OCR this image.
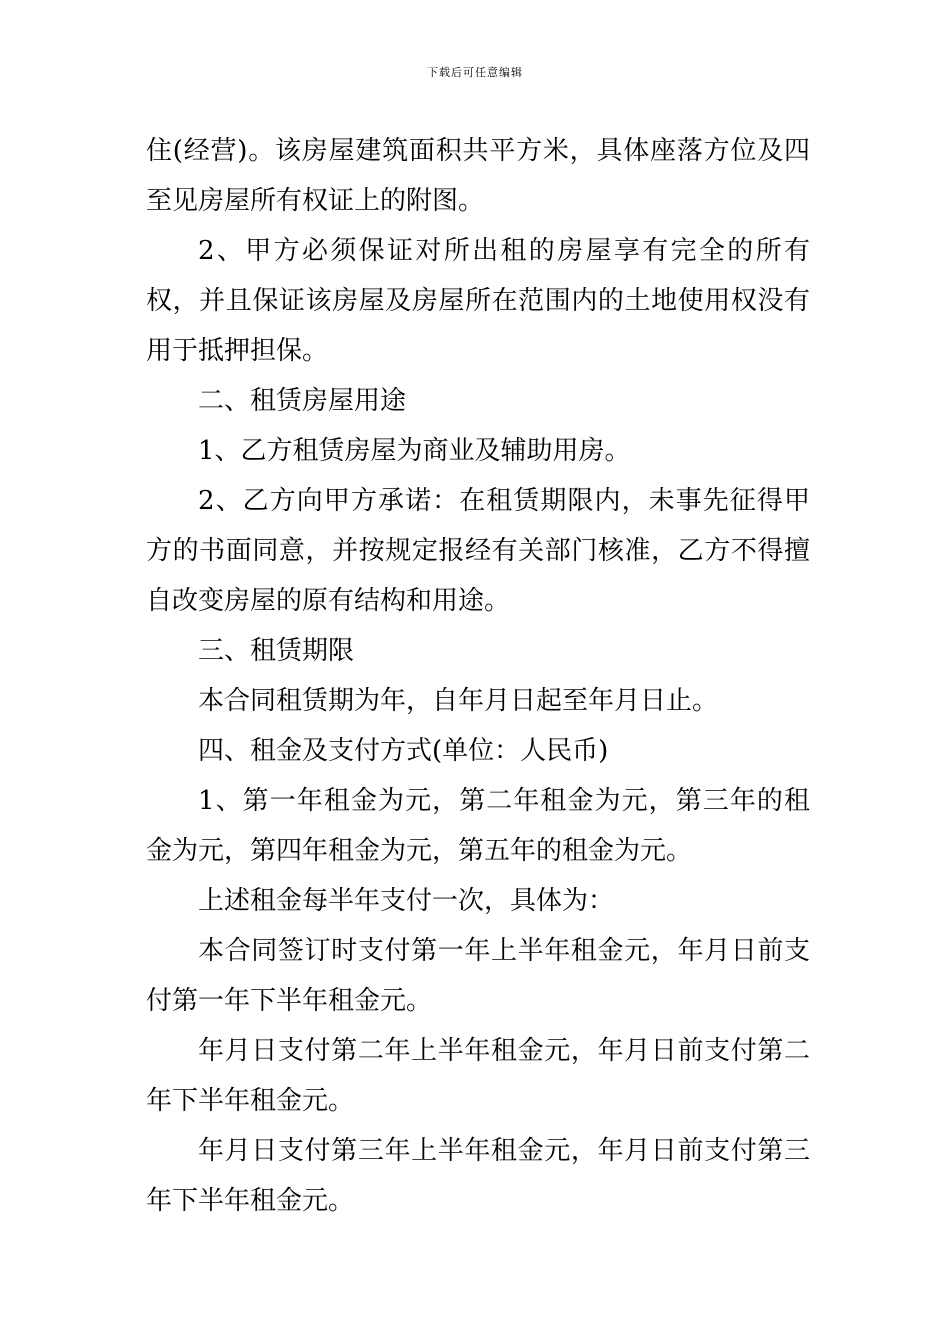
下载后可任意编辑

住(经营)。该房屋建筑面积共平方米，具体座落方位及四至见房屋所有权证上的附图。

2、甲方必须保证对所出租的房屋享有完全的所有权，并且保证该房屋及房屋所在范围内的土地使用权没有用于抵押担保。

二、租赁房屋用途

1、乙方租赁房屋为商业及辅助用房。

2、乙方向甲方承诺：在租赁期限内，未事先征得甲方的书面同意，并按规定报经有关部门核准，乙方不得擅自改变房屋的原有结构和用途。

三、租赁期限

本合同租赁期为年，自年月日起至年月日止。

四、租金及支付方式(单位：人民币)

1、第一年租金为元，第二年租金为元，第三年的租金为元，第四年租金为元，第五年的租金为元。

上述租金每半年支付一次，具体为：

本合同签订时支付第一年上半年租金元，年月日前支付第一年下半年租金元。

年月日支付第二年上半年租金元，年月日前支付第二年下半年租金元。

年月日支付第三年上半年租金元，年月日前支付第三年下半年租金元。
